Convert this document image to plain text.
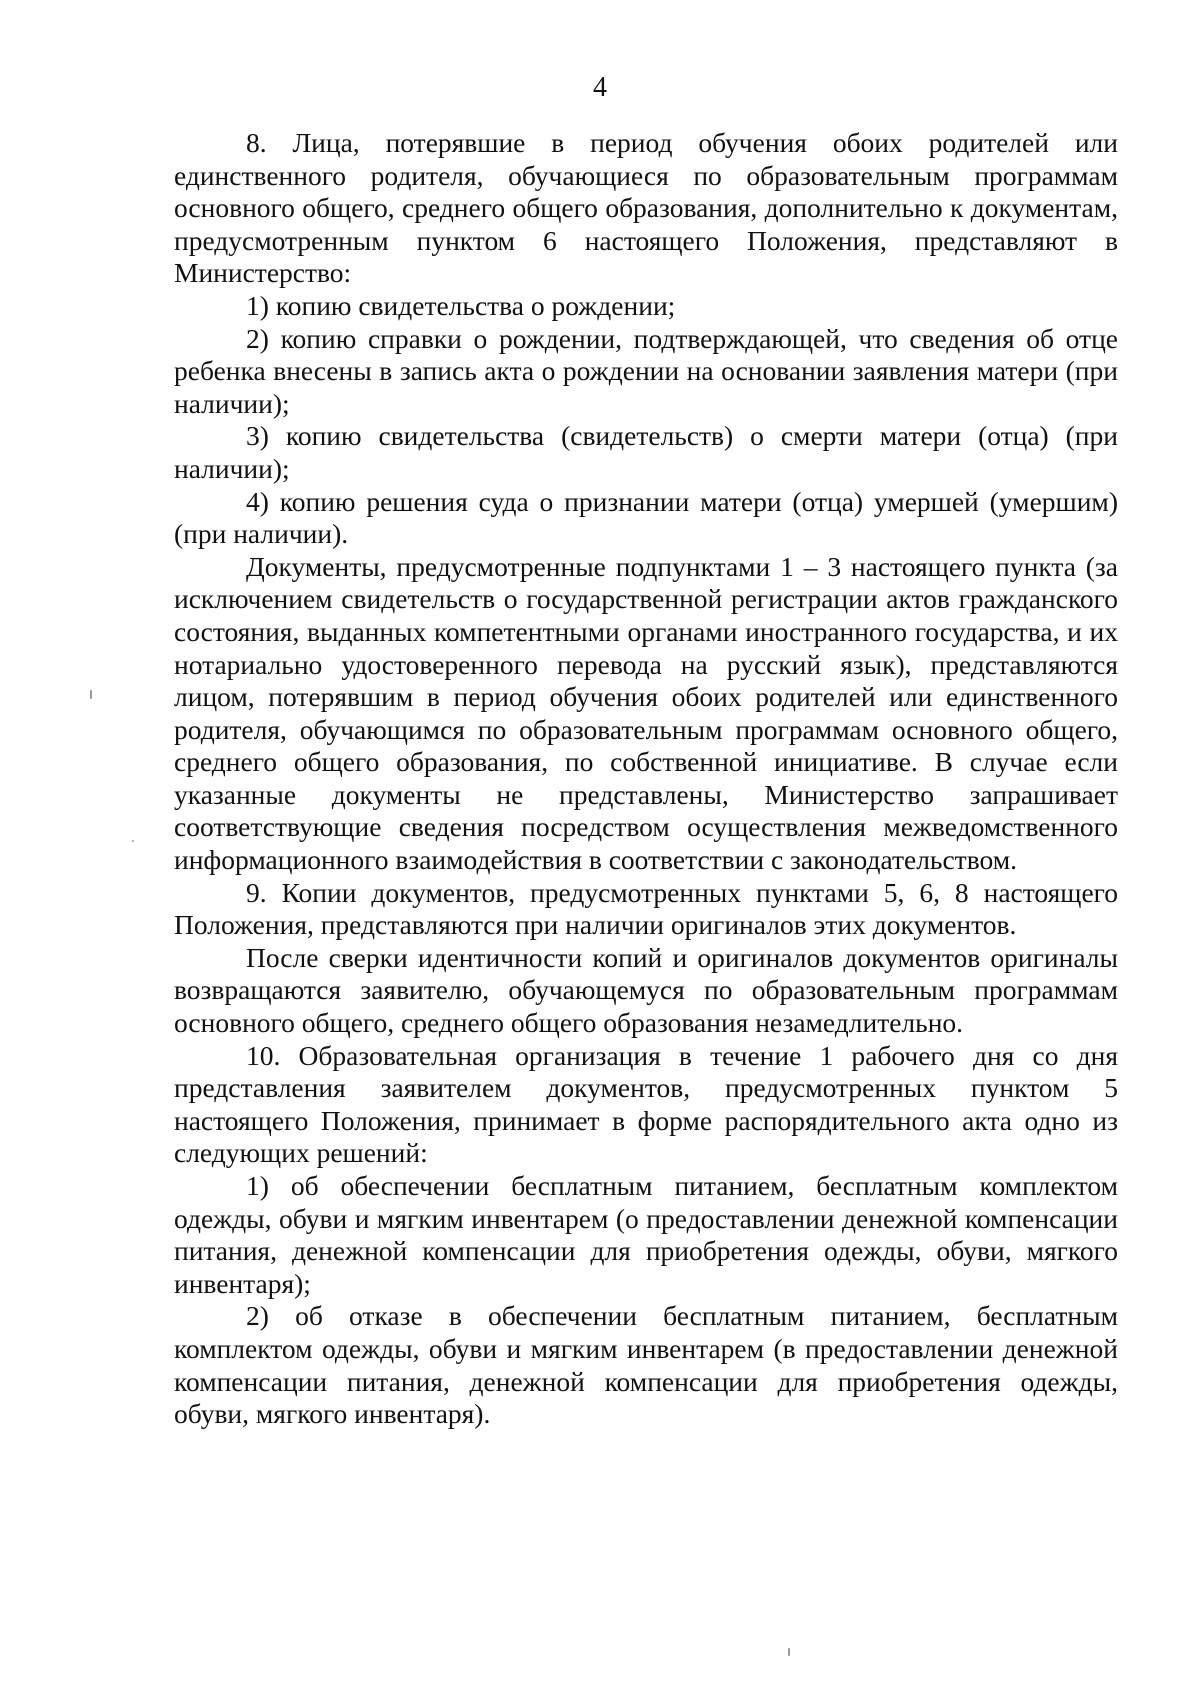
4

8. Лица, потерявшие в период обучения обоих родителей или единственного родителя, обучающиеся по образовательным программам основного общего, среднего общего образования, дополнительно к документам, предусмотренным пунктом 6 настоящего Положения, представляют в Министерство:

1) копию свидетельства о рождении;

2) копию справки о рождении, подтверждающей, что сведения об отце ребенка внесены в запись акта о рождении на основании заявления матери (при наличии);

3) копию свидетельства (свидетельств) о смерти матери (отца) (при наличии);

4) копию решения суда о признании матери (отца) умершей (умершим) (при наличии).

Документы, предусмотренные подпунктами 1 – 3 настоящего пункта (за исключением свидетельств о государственной регистрации актов гражданского состояния, выданных компетентными органами иностранного государства, и их нотариально удостоверенного перевода на русский язык), представляются лицом, потерявшим в период обучения обоих родителей или единственного родителя, обучающимся по образовательным программам основного общего, среднего общего образования, по собственной инициативе. В случае если указанные документы не представлены, Министерство запрашивает соответствующие сведения посредством осуществления межведомственного информационного взаимодействия в соответствии с законодательством.

9. Копии документов, предусмотренных пунктами 5, 6, 8 настоящего Положения, представляются при наличии оригиналов этих документов.

После сверки идентичности копий и оригиналов документов оригиналы возвращаются заявителю, обучающемуся по образовательным программам основного общего, среднего общего образования незамедлительно.

10. Образовательная организация в течение 1 рабочего дня со дня представления заявителем документов, предусмотренных пунктом 5 настоящего Положения, принимает в форме распорядительного акта одно из следующих решений:

1) об обеспечении бесплатным питанием, бесплатным комплектом одежды, обуви и мягким инвентарем (о предоставлении денежной компенсации питания, денежной компенсации для приобретения одежды, обуви, мягкого инвентаря);

2) об отказе в обеспечении бесплатным питанием, бесплатным комплектом одежды, обуви и мягким инвентарем (в предоставлении денежной компенсации питания, денежной компенсации для приобретения одежды, обуви, мягкого инвентаря).
